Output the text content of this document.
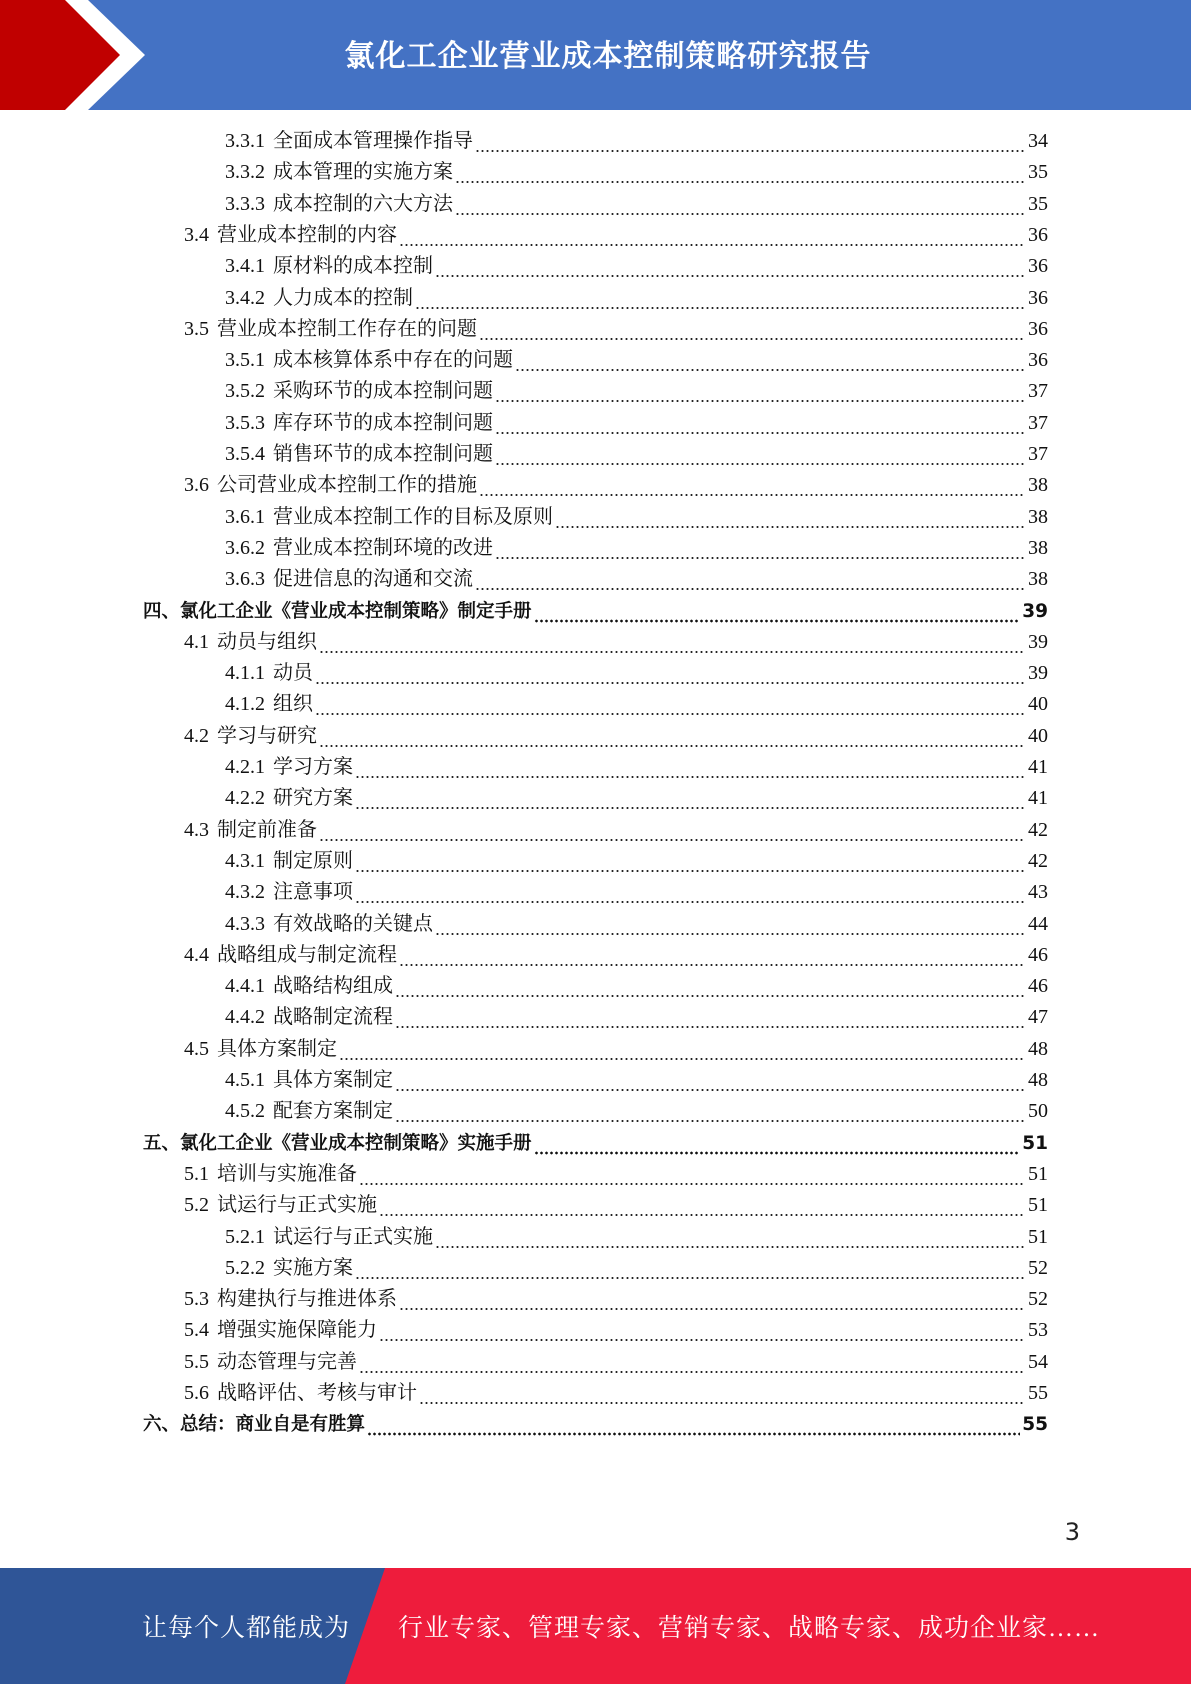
氯化工企业营业成本控制策略研究报告
3.3.1 全面成本管理操作指导	34
3.3.2 成本管理的实施方案	35
3.3.3 成本控制的六大方法	35
3.4 营业成本控制的内容	36
3.4.1 原材料的成本控制	36
3.4.2 人力成本的控制	36
3.5 营业成本控制工作存在的问题	36
3.5.1 成本核算体系中存在的问题	36
3.5.2 采购环节的成本控制问题	37
3.5.3 库存环节的成本控制问题	37
3.5.4 销售环节的成本控制问题	37
3.6 公司营业成本控制工作的措施	38
3.6.1 营业成本控制工作的目标及原则	38
3.6.2 营业成本控制环境的改进	38
3.6.3 促进信息的沟通和交流	38
四、氯化工企业《营业成本控制策略》制定手册	39
4.1 动员与组织	39
4.1.1 动员	39
4.1.2 组织	40
4.2 学习与研究	40
4.2.1 学习方案	41
4.2.2 研究方案	41
4.3 制定前准备	42
4.3.1 制定原则	42
4.3.2 注意事项	43
4.3.3 有效战略的关键点	44
4.4 战略组成与制定流程	46
4.4.1 战略结构组成	46
4.4.2 战略制定流程	47
4.5 具体方案制定	48
4.5.1 具体方案制定	48
4.5.2 配套方案制定	50
五、氯化工企业《营业成本控制策略》实施手册	51
5.1 培训与实施准备	51
5.2 试运行与正式实施	51
5.2.1 试运行与正式实施	51
5.2.2 实施方案	52
5.3 构建执行与推进体系	52
5.4 增强实施保障能力	53
5.5 动态管理与完善	54
5.6 战略评估、考核与审计	55
六、总结：商业自是有胜算	55
3
让每个人都能成为 行业专家、管理专家、营销专家、战略专家、成功企业家……
